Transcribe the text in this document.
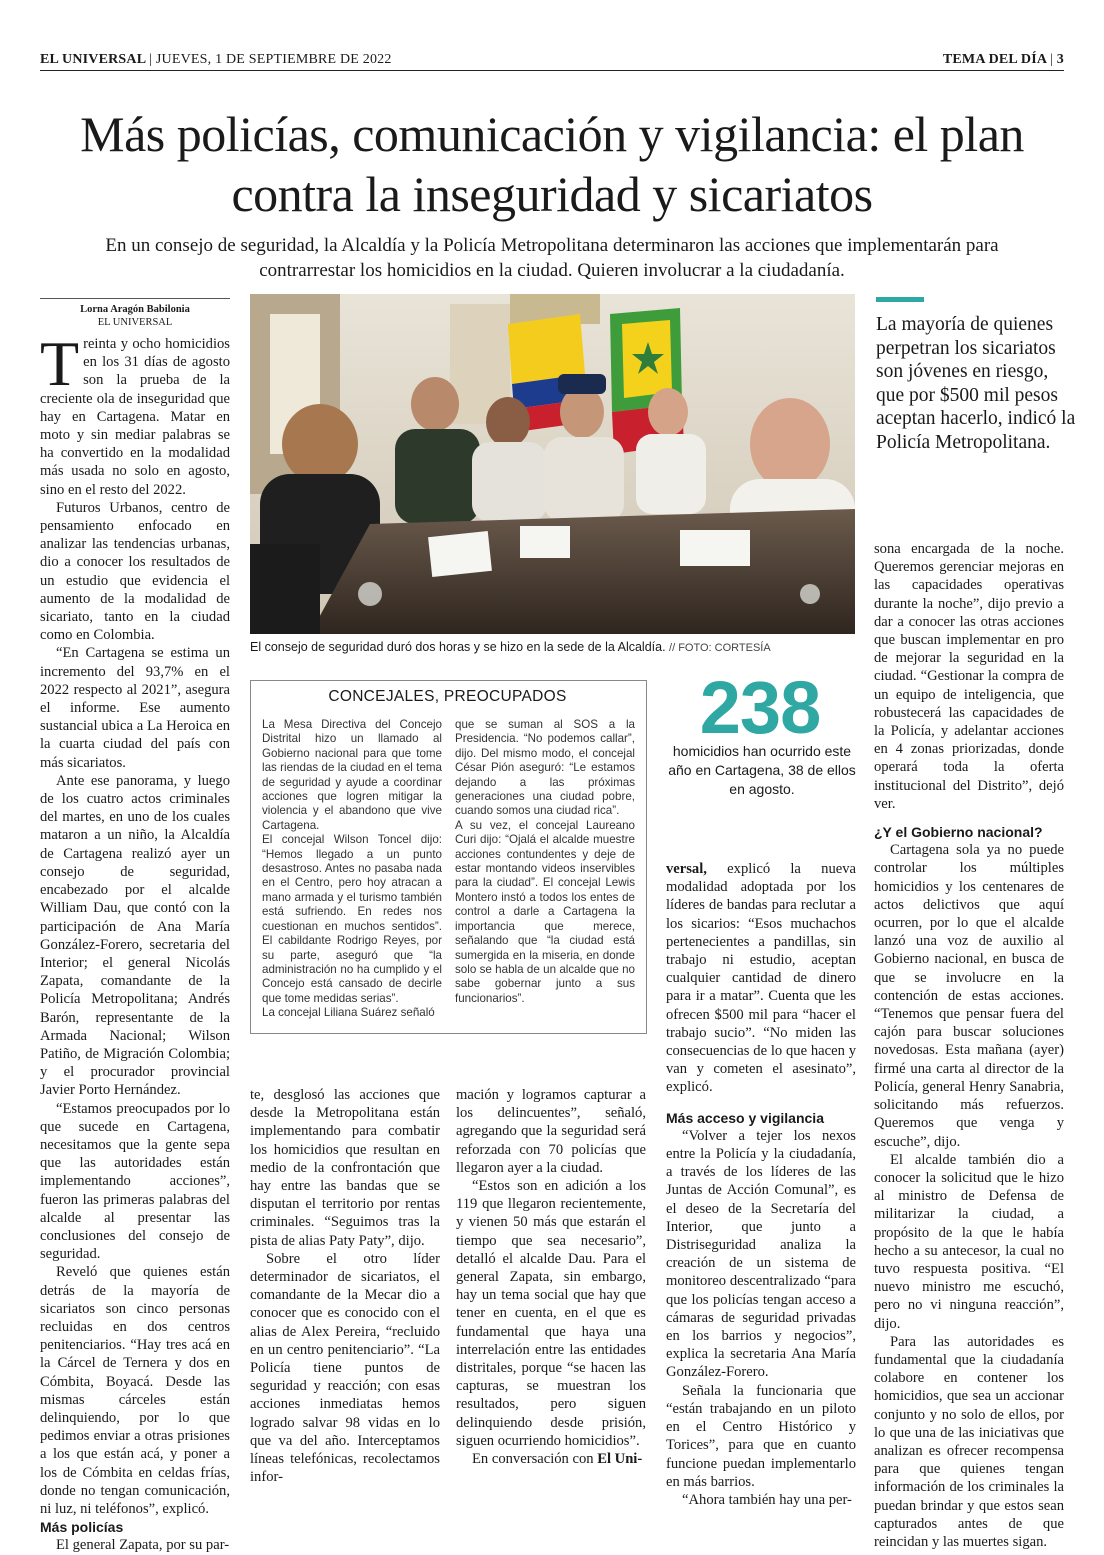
EL UNIVERSAL | JUEVES, 1 DE SEPTIEMBRE DE 2022	TEMA DEL DÍA | 3
Más policías, comunicación y vigilancia: el plan contra la inseguridad y sicariatos
En un consejo de seguridad, la Alcaldía y la Policía Metropolitana determinaron las acciones que implementarán para contrarrestar los homicidios en la ciudad. Quieren involucrar a la ciudadanía.
Lorna Aragón Babilonia
EL UNIVERSAL

Treinta y ocho homicidios en los 31 días de agosto son la prueba de la creciente ola de inseguridad que hay en Cartagena. Matar en moto y sin mediar palabras se ha convertido en la modalidad más usada no solo en agosto, sino en el resto del 2022.

Futuros Urbanos, centro de pensamiento enfocado en analizar las tendencias urbanas, dio a conocer los resultados de un estudio que evidencia el aumento de la modalidad de sicariato, tanto en la ciudad como en Colombia.

“En Cartagena se estima un incremento del 93,7% en el 2022 respecto al 2021”, asegura el informe. Ese aumento sustancial ubica a La Heroica en la cuarta ciudad del país con más sicariatos.

Ante ese panorama, y luego de los cuatro actos criminales del martes, en uno de los cuales mataron a un niño, la Alcaldía de Cartagena realizó ayer un consejo de seguridad, encabezado por el alcalde William Dau, que contó con la participación de Ana María González-Forero, secretaria del Interior; el general Nicolás Zapata, comandante de la Policía Metropolitana; Andrés Barón, representante de la Armada Nacional; Wilson Patiño, de Migración Colombia; y el procurador provincial Javier Porto Hernández.

“Estamos preocupados por lo que sucede en Cartagena, necesitamos que la gente sepa que las autoridades están implementando acciones”, fueron las primeras palabras del alcalde al presentar las conclusiones del consejo de seguridad.

Reveló que quienes están detrás de la mayoría de sicariatos son cinco personas recluidas en dos centros penitenciarios. “Hay tres acá en la Cárcel de Ternera y dos en Cómbita, Boyacá. Desde las mismas cárceles están delinquiendo, por lo que pedimos enviar a otras prisiones a los que están acá, y poner a los de Cómbita en celdas frías, donde no tengan comunicación, ni luz, ni teléfonos”, explicó.

Más policías

El general Zapata, por su par-

El consejo de seguridad duró dos horas y se hizo en la sede de la Alcaldía. // FOTO: CORTESÍA
La mayoría de quienes perpetran los sicariatos son jóvenes en riesgo, que por $500 mil pesos aceptan hacerlo, indicó la Policía Metropolitana.
CONCEJALES, PREOCUPADOS

La Mesa Directiva del Concejo Distrital hizo un llamado al Gobierno nacional para que tome las riendas de la ciudad en el tema de seguridad y ayude a coordinar acciones que logren mitigar la violencia y el abandono que vive Cartagena.

El concejal Wilson Toncel dijo: “Hemos llegado a un punto desastroso. Antes no pasaba nada en el Centro, pero hoy atracan a mano armada y el turismo también está sufriendo. En redes nos cuestionan en muchos sentidos”. El cabildante Rodrigo Reyes, por su parte, aseguró que “la administración no ha cumplido y el Concejo está cansado de decirle que tome medidas serias”.

La concejal Liliana Suárez señaló

que se suman al SOS a la Presidencia. “No podemos callar”, dijo. Del mismo modo, el concejal César Pión aseguró: “Le estamos dejando a las próximas generaciones una ciudad pobre, cuando somos una ciudad rica”.

A su vez, el concejal Laureano Curi dijo: “Ojalá el alcalde muestre acciones contundentes y deje de estar montando videos inservibles para la ciudad”. El concejal Lewis Montero instó a todos los entes de control a darle a Cartagena la importancia que merece, señalando que “la ciudad está sumergida en la miseria, en donde solo se habla de un alcalde que no sabe gobernar junto a sus funcionarios”.

238
homicidios han ocurrido este año en Cartagena, 38 de ellos en agosto.

te, desglosó las acciones que desde la Metropolitana están implementando para combatir los homicidios que resultan en medio de la confrontación que hay entre las bandas que se disputan el territorio por rentas criminales. “Seguimos tras la pista de alias Paty Paty”, dijo.

Sobre el otro líder determinador de sicariatos, el comandante de la Mecar dio a conocer que es conocido con el alias de Alex Pereira, “recluido en un centro penitenciario”. “La Policía tiene puntos de seguridad y reacción; con esas acciones inmediatas hemos logrado salvar 98 vidas en lo que va del año. Interceptamos líneas telefónicas, recolectamos infor-

mación y logramos capturar a los delincuentes”, señaló, agregando que la seguridad será reforzada con 70 policías que llegaron ayer a la ciudad.

“Estos son en adición a los 119 que llegaron recientemente, y vienen 50 más que estarán el tiempo que sea necesario”, detalló el alcalde Dau. Para el general Zapata, sin embargo, hay un tema social que hay que tener en cuenta, en el que es fundamental que haya una interrelación entre las entidades distritales, porque “se hacen las capturas, se muestran los resultados, pero siguen delinquiendo desde prisión, siguen ocurriendo homicidios”.

En conversación con El Uni-

versal, explicó la nueva modalidad adoptada por los líderes de bandas para reclutar a los sicarios: “Esos muchachos pertenecientes a pandillas, sin trabajo ni estudio, aceptan cualquier cantidad de dinero para ir a matar”. Cuenta que les ofrecen $500 mil para “hacer el trabajo sucio”. “No miden las consecuencias de lo que hacen y van y cometen el asesinato”, explicó.

Más acceso y vigilancia

“Volver a tejer los nexos entre la Policía y la ciudadanía, a través de los líderes de las Juntas de Acción Comunal”, es el deseo de la Secretaría del Interior, que junto a Distriseguridad analiza la creación de un sistema de monitoreo descentralizado “para que los policías tengan acceso a cámaras de seguridad privadas en los barrios y negocios”, explica la secretaria Ana María González-Forero.

Señala la funcionaria que “están trabajando en un piloto en el Centro Histórico y Torices”, para que en cuanto funcione puedan implementarlo en más barrios.

“Ahora también hay una per-

sona encargada de la noche. Queremos gerenciar mejoras en las capacidades operativas durante la noche”, dijo previo a dar a conocer las otras acciones que buscan implementar en pro de mejorar la seguridad en la ciudad. “Gestionar la compra de un equipo de inteligencia, que robustecerá las capacidades de la Policía, y adelantar acciones en 4 zonas priorizadas, donde operará toda la oferta institucional del Distrito”, dejó ver.

¿Y el Gobierno nacional?

Cartagena sola ya no puede controlar los múltiples homicidios y los centenares de actos delictivos que aquí ocurren, por lo que el alcalde lanzó una voz de auxilio al Gobierno nacional, en busca de que se involucre en la contención de estas acciones. “Tenemos que pensar fuera del cajón para buscar soluciones novedosas. Esta mañana (ayer) firmé una carta al director de la Policía, general Henry Sanabria, solicitando más refuerzos. Queremos que venga y escuche”, dijo.

El alcalde también dio a conocer la solicitud que le hizo al ministro de Defensa de militarizar la ciudad, a propósito de la que le había hecho a su antecesor, la cual no tuvo respuesta positiva. “El nuevo ministro me escuchó, pero no vi ninguna reacción”, dijo.

Para las autoridades es fundamental que la ciudadanía colabore en contener los homicidios, que sea un accionar conjunto y no solo de ellos, por lo que una de las iniciativas que analizan es ofrecer recompensa para que quienes tengan información de los criminales la puedan brindar y que estos sean capturados antes de que reincidan y las muertes sigan.
